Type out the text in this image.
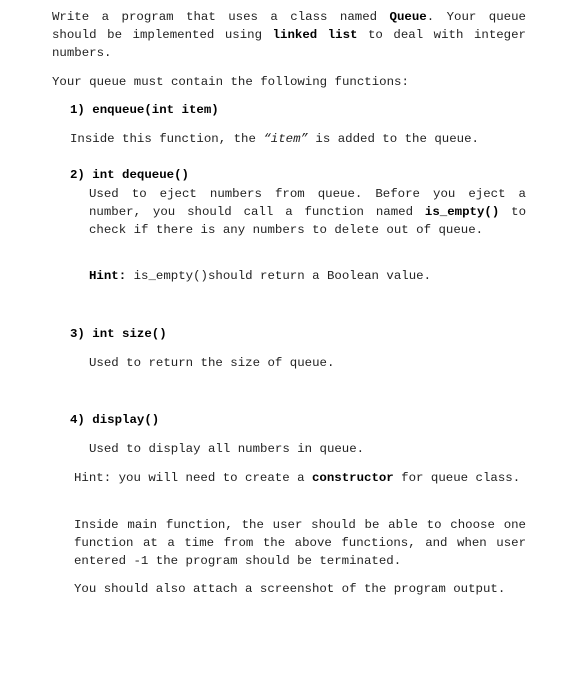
Write a program that uses a class named Queue. Your queue should be implemented using linked list to deal with integer numbers.

Your queue must contain the following functions:

1) enqueue(int item)

Inside this function, the “item” is added to the queue.

2) int dequeue()

Used to eject numbers from queue. Before you eject a number, you should call a function named is_empty() to check if there is any numbers to delete out of queue.

Hint: is_empty()should return a Boolean value.

3) int size()

Used to return the size of queue.

4) display()

Used to display all numbers in queue.

Hint: you will need to create a constructor for queue class.

Inside main function, the user should be able to choose one function at a time from the above functions, and when user entered -1 the program should be terminated.

You should also attach a screenshot of the program output.
